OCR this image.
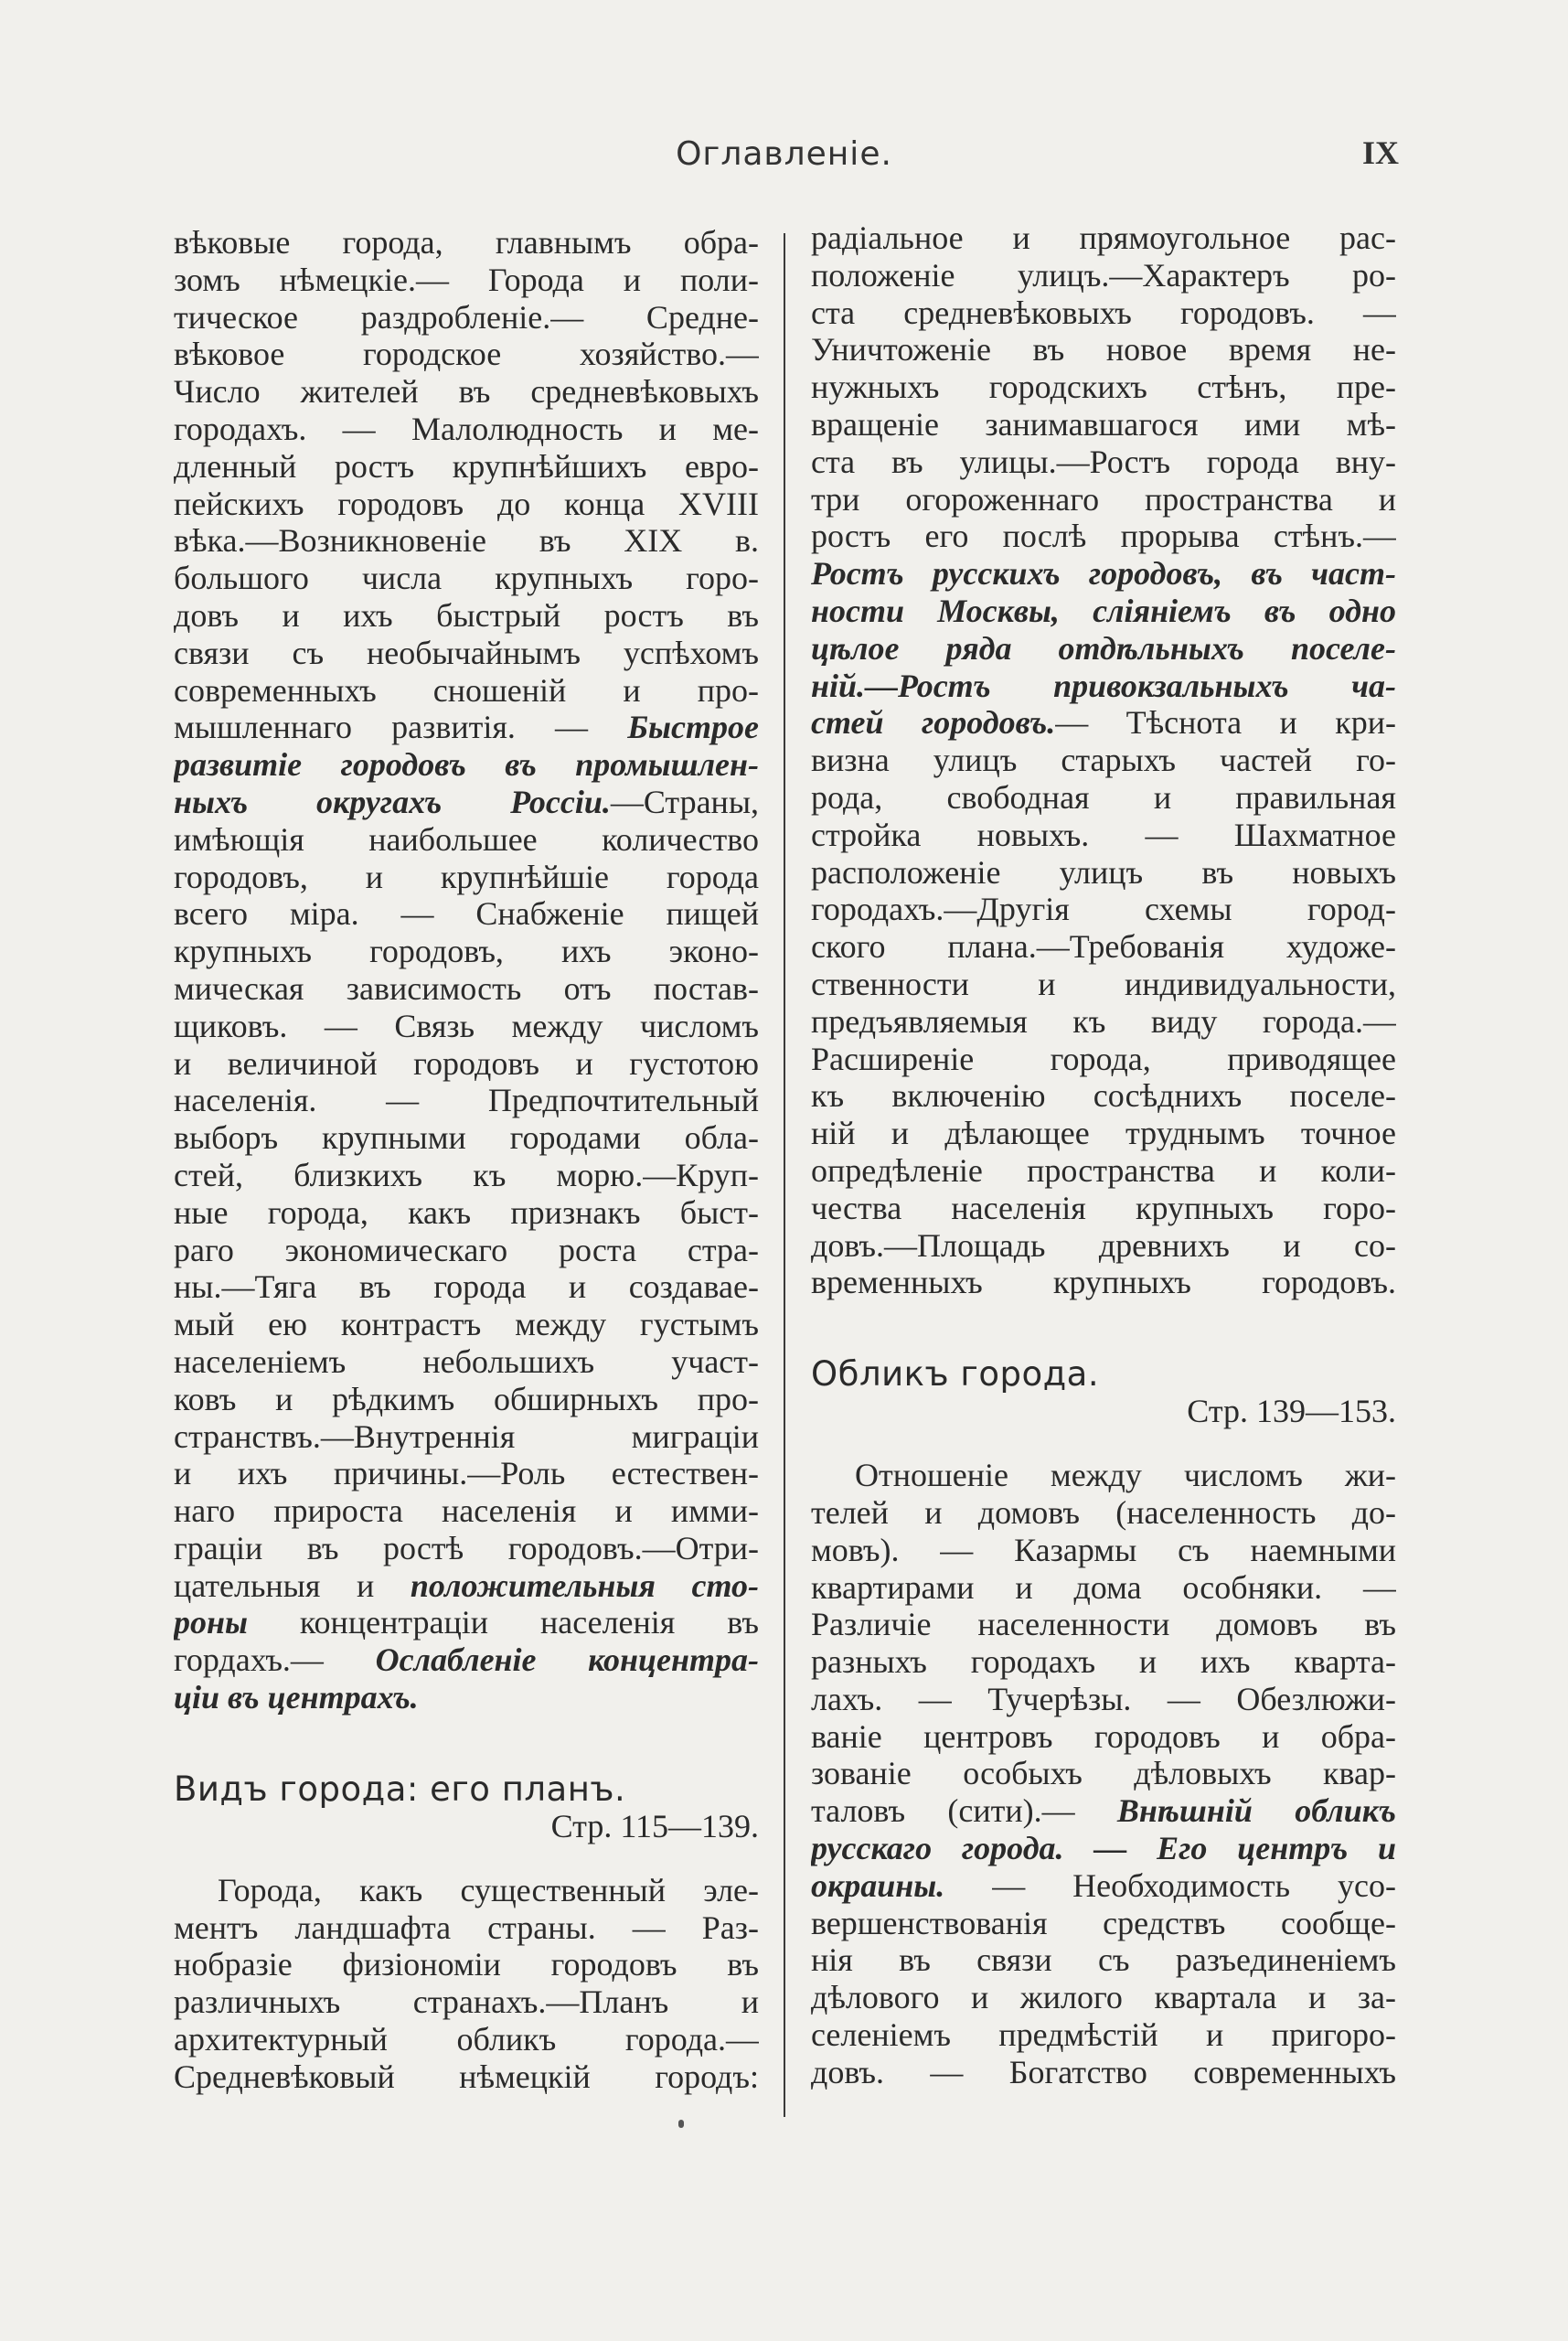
Оглавленіе.	IX
вѣковые города, главнымъ обра-
зомъ нѣмецкіе.— Города и поли-
тическое раздробленіе.— Средне-
вѣковое городское хозяйство.—
Число жителей въ средневѣковыхъ
городахъ. — Малолюдность и ме-
дленный ростъ крупнѣйшихъ евро-
пейскихъ городовъ до конца XVIII
вѣка.—Возникновеніе въ XIX в.
большого числа крупныхъ горо-
довъ и ихъ быстрый ростъ въ
связи съ необычайнымъ успѣхомъ
современныхъ сношеній и про-
мышленнаго развитія. — Быстрое
развитіе городовъ въ промышлен-
ныхъ округахъ Россіи.—Страны,
имѣющія наибольшее количество
городовъ, и крупнѣйшіе города
всего міра. — Снабженіе пищей
крупныхъ городовъ, ихъ эконо-
мическая зависимость отъ постав-
щиковъ. — Связь между числомъ
и величиной городовъ и густотою
населенія. — Предпочтительный
выборъ крупными городами обла-
стей, близкихъ къ морю.—Круп-
ные города, какъ признакъ быст-
раго экономическаго роста стра-
ны.—Тяга въ города и создавае-
мый ею контрастъ между густымъ
населеніемъ небольшихъ участ-
ковъ и рѣдкимъ обширныхъ про-
странствъ.—Внутреннія миграціи
и ихъ причины.—Роль естествен-
наго прироста населенія и имми-
граціи въ ростѣ городовъ.—Отри-
цательныя и положительныя сто-
роны концентраціи населенія въ
гордахъ.— Ослабленіе концентра-
ціи въ центрахъ.
Видъ города: его планъ.
Стр. 115—139.
Города, какъ существенный эле-
ментъ ландшафта страны. — Раз-
нобразіе физіономіи городовъ въ
различныхъ странахъ.—Планъ и
архитектурный обликъ города.—
Средневѣковый нѣмецкій городъ:
радіальное и прямоугольное рас-
положеніе улицъ.—Характеръ ро-
ста средневѣковыхъ городовъ. —
Уничтоженіе въ новое время не-
нужныхъ городскихъ стѣнъ, пре-
вращеніе занимавшагося ими мѣ-
ста въ улицы.—Ростъ города вну-
три огороженнаго пространства и
ростъ его послѣ прорыва стѣнъ.—
Ростъ русскихъ городовъ, въ част-
ности Москвы, сліяніемъ въ одно
цѣлое ряда отдѣльныхъ поселе-
ній.—Ростъ привокзальныхъ ча-
стей городовъ.— Тѣснота и кри-
визна улицъ старыхъ частей го-
рода, свободная и правильная
стройка новыхъ. — Шахматное
расположеніе улицъ въ новыхъ
городахъ.—Другія схемы город-
ского плана.—Требованія художе-
ственности и индивидуальности,
предъявляемыя къ виду города.—
Расширеніе города, приводящее
къ включенію сосѣднихъ поселе-
ній и дѣлающее труднымъ точное
опредѣленіе пространства и коли-
чества населенія крупныхъ горо-
довъ.—Площадь древнихъ и со-
временныхъ крупныхъ городовъ.
Обликъ города.
Стр. 139—153.
Отношеніе между числомъ жи-
телей и домовъ (населенность до-
мовъ). — Казармы съ наемными
квартирами и дома особняки. —
Различіе населенности домовъ въ
разныхъ городахъ и ихъ кварта-
лахъ. — Тучерѣзы. — Обезлюжи-
ваніе центровъ городовъ и обра-
зованіе особыхъ дѣловыхъ квар-
таловъ (сити).— Внѣшній обликъ
русскаго города. — Его центръ и
окраины. — Необходимость усо-
вершенствованія средствъ сообще-
нія въ связи съ разъединеніемъ
дѣлового и жилого квартала и за-
селеніемъ предмѣстій и пригоро-
довъ. — Богатство современныхъ
